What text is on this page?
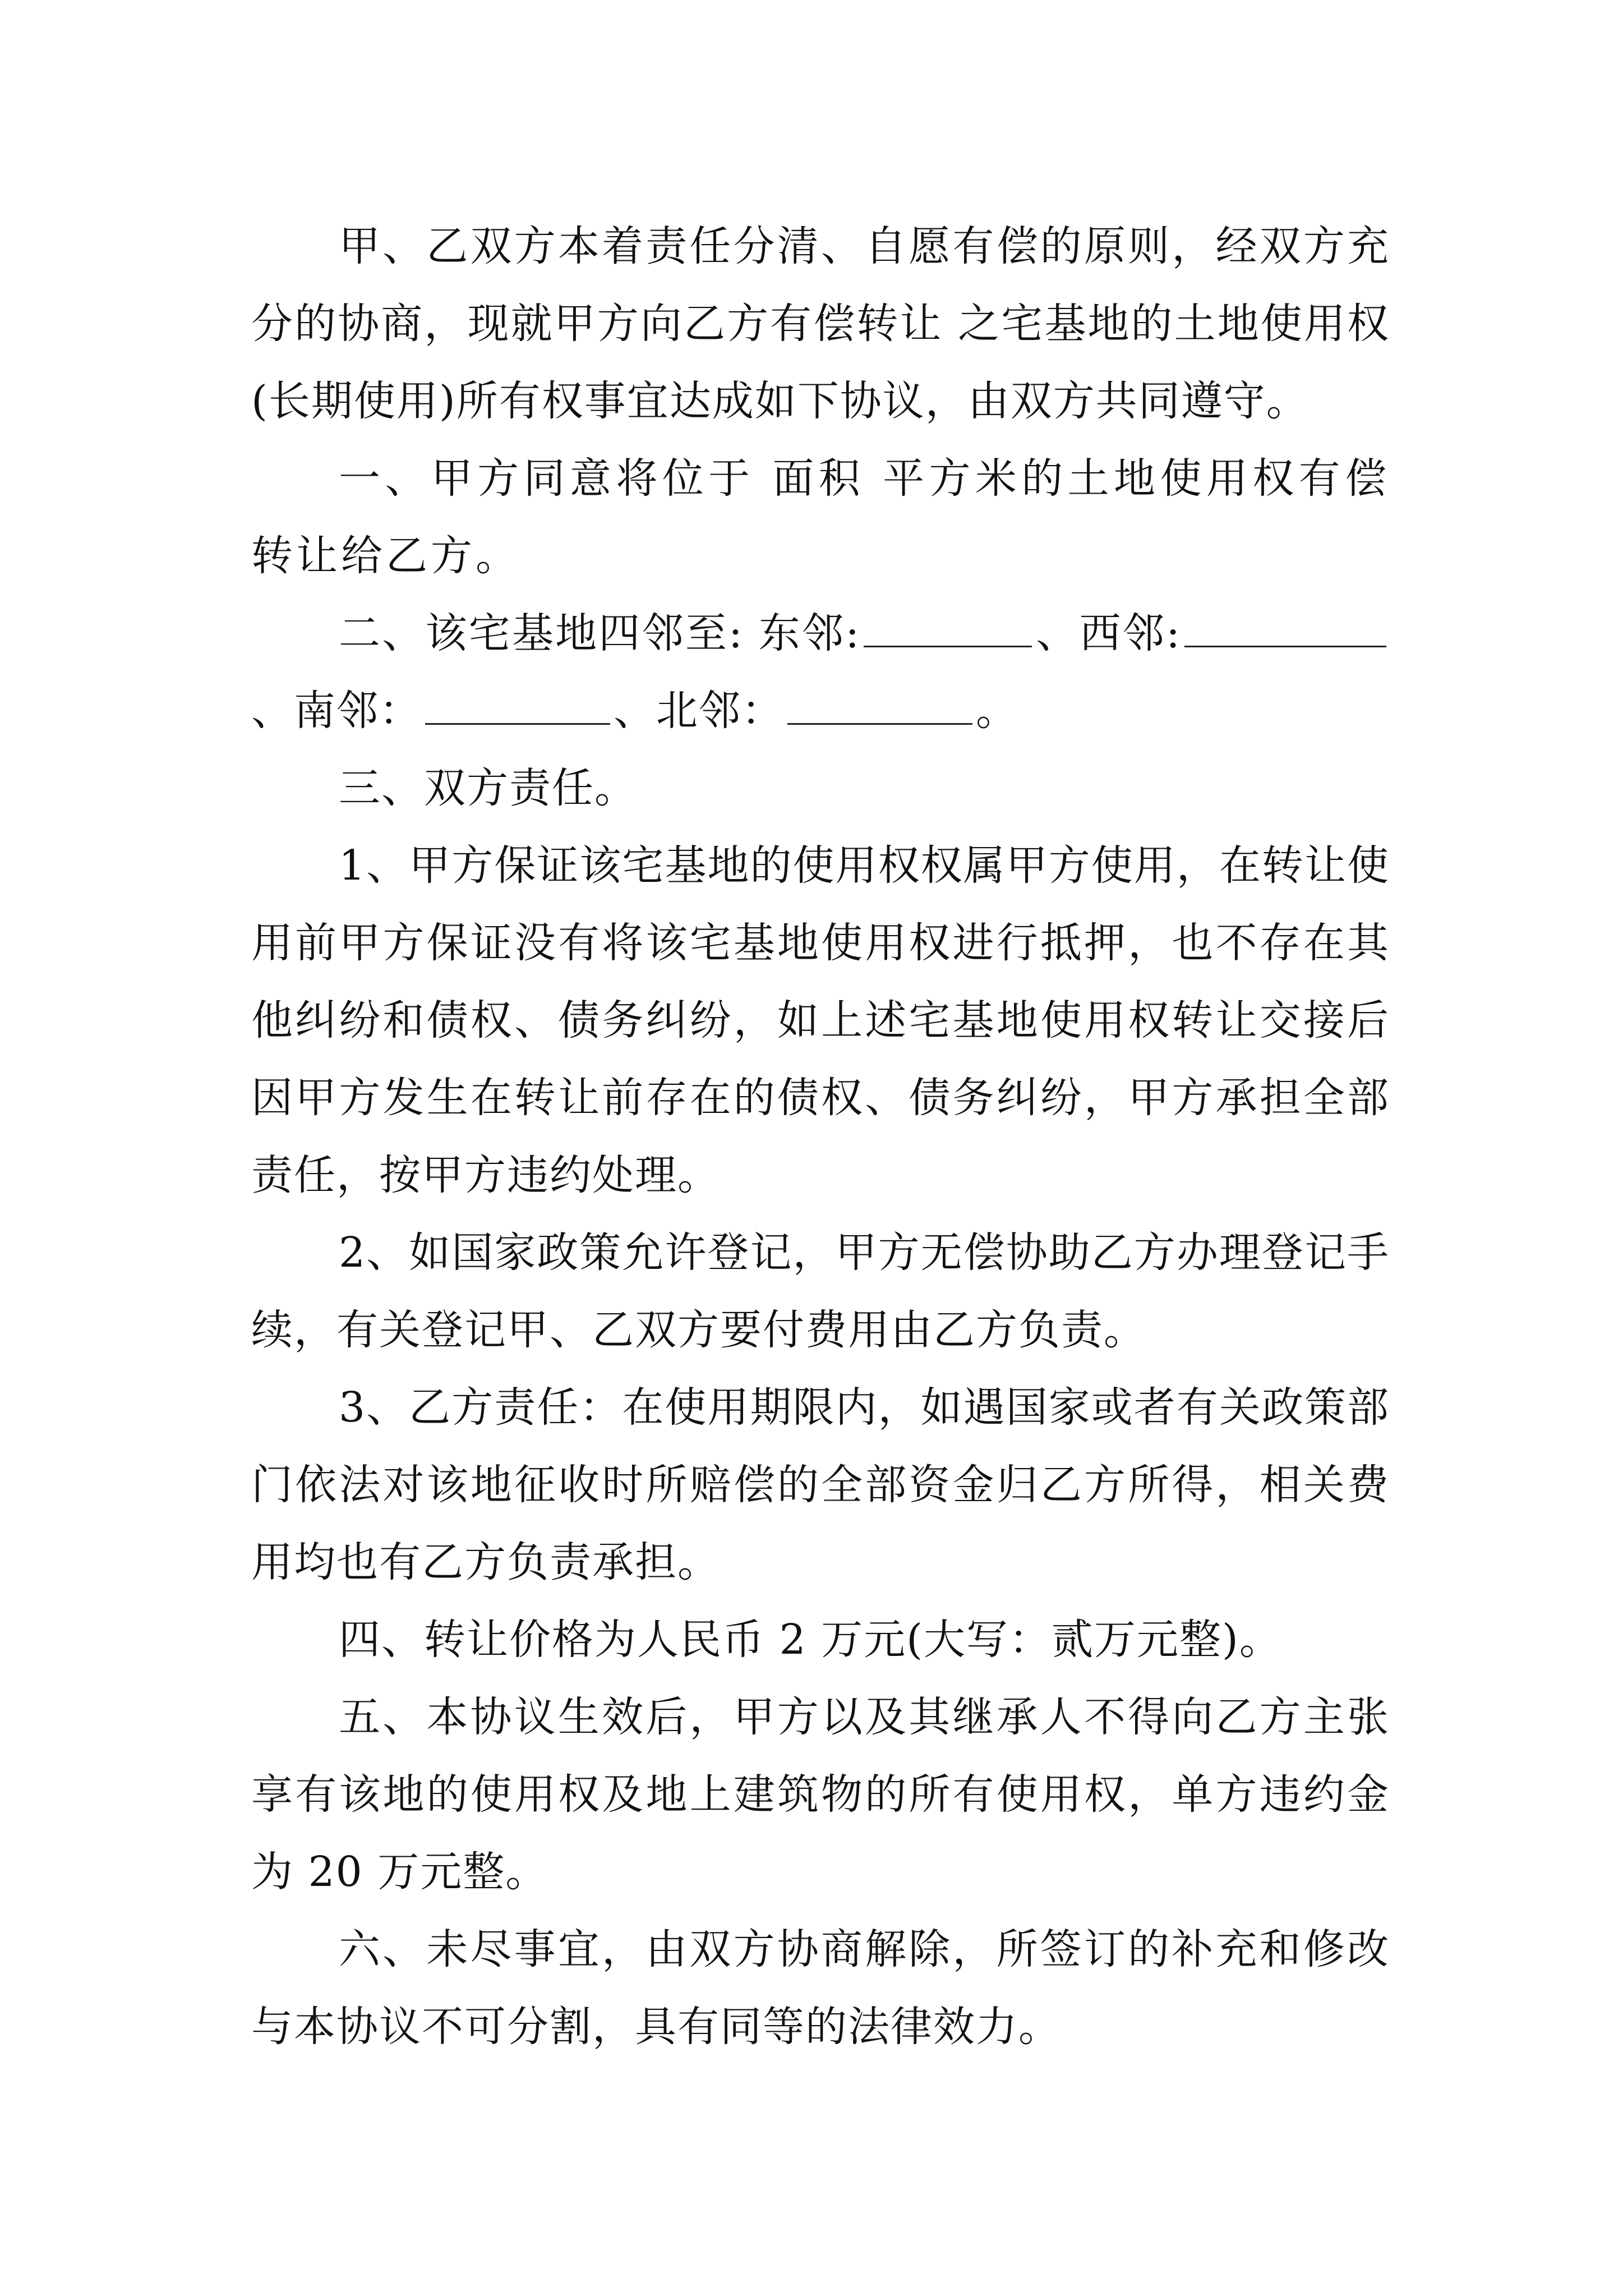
甲、乙双方本着责任分清、自愿有偿的原则，经双方充分的协商，现就甲方向乙方有偿转让 之宅基地的土地使用权(长期使用)所有权事宜达成如下协议，由双方共同遵守。

一、甲方同意将位于 面积 平方米的土地使用权有偿转让给乙方。

二、该宅基地四邻至: 东邻:	、西邻:、南邻：	、北邻：	。

三、双方责任。

1、甲方保证该宅基地的使用权权属甲方使用，在转让使用前甲方保证没有将该宅基地使用权进行抵押，也不存在其他纠纷和债权、债务纠纷，如上述宅基地使用权转让交接后因甲方发生在转让前存在的债权、债务纠纷，甲方承担全部责任，按甲方违约处理。

2、如国家政策允许登记，甲方无偿协助乙方办理登记手续，有关登记甲、乙双方要付费用由乙方负责。

3、乙方责任：在使用期限内，如遇国家或者有关政策部门依法对该地征收时所赔偿的全部资金归乙方所得，相关费用均也有乙方负责承担。

四、转让价格为人民币 2 万元(大写：贰万元整)。

五、本协议生效后，甲方以及其继承人不得向乙方主张享有该地的使用权及地上建筑物的所有使用权，单方违约金为 20 万元整。

六、未尽事宜，由双方协商解除，所签订的补充和修改与本协议不可分割，具有同等的法律效力。
